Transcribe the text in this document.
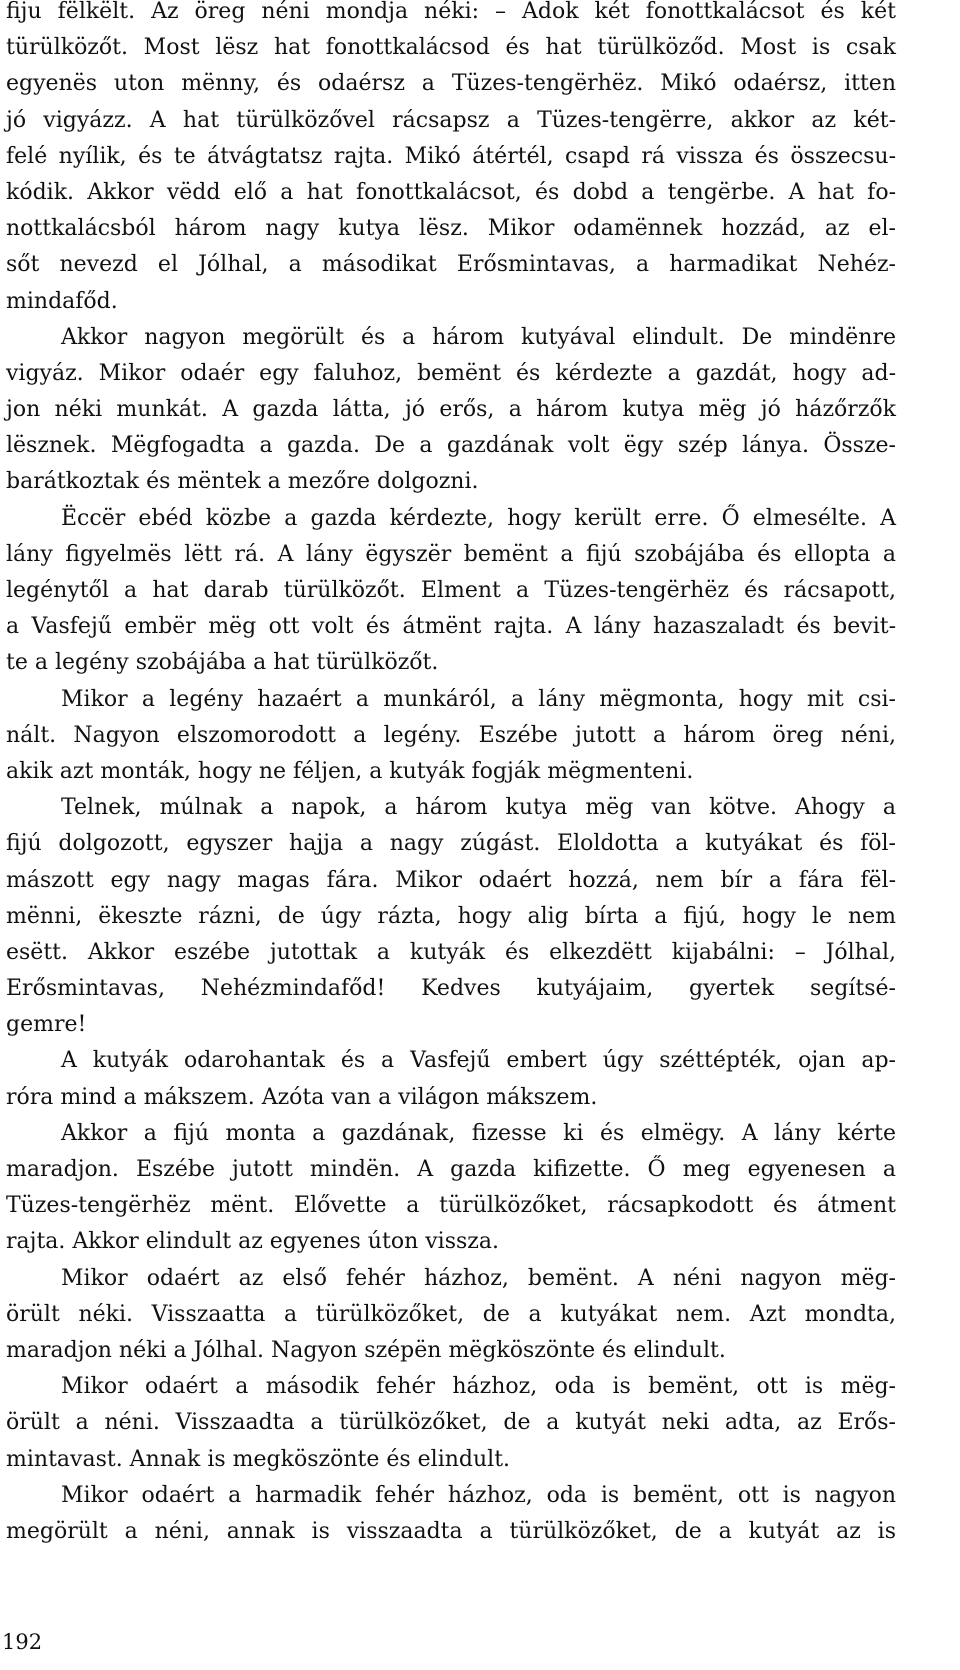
fiju fëlkëlt. Az öreg néni mondja néki: – Adok két fonottkalácsot és két
türülközőt. Most lësz hat fonottkalácsod és hat türülköződ. Most is csak
egyenës uton mënny, és odaérsz a Tüzes-tengërhëz. Mikó odaérsz, itten
jó vigyázz. A hat türülközővel rácsapsz a Tüzes-tengërre, akkor az két-
felé nyílik, és te átvágtatsz rajta. Mikó átértél, csapd rá vissza és összecsu-
kódik. Akkor vëdd elő a hat fonottkalácsot, és dobd a tengërbe. A hat fo-
nottkalácsból három nagy kutya lësz. Mikor odamënnek hozzád, az el-
sőt nevezd el Jólhal, a másodikat Erősmintavas, a harmadikat Nehéz-
mindafőd.
Akkor nagyon megörült és a három kutyával elindult. De mindënre
vigyáz. Mikor odaér egy faluhoz, bemënt és kérdezte a gazdát, hogy ad-
jon néki munkát. A gazda látta, jó erős, a három kutya mëg jó házőrzők
lësznek. Mëgfogadta a gazda. De a gazdának volt ëgy szép lánya. Össze-
barátkoztak és mëntek a mezőre dolgozni.
Ëccër ebéd közbe a gazda kérdezte, hogy került erre. Ő elmesélte. A
lány figyelmës lëtt rá. A lány ëgyszër bemënt a fijú szobájába és ellopta a
legénytől a hat darab türülközőt. Elment a Tüzes-tengërhëz és rácsapott,
a Vasfejű embër mëg ott volt és átmënt rajta. A lány hazaszaladt és bevit-
te a legény szobájába a hat türülközőt.
Mikor a legény hazaért a munkáról, a lány mëgmonta, hogy mit csi-
nált. Nagyon elszomorodott a legény. Eszébe jutott a három öreg néni,
akik azt monták, hogy ne féljen, a kutyák fogják mëgmenteni.
Telnek, múlnak a napok, a három kutya mëg van kötve. Ahogy a
fijú dolgozott, egyszer hajja a nagy zúgást. Eloldotta a kutyákat és föl-
mászott egy nagy magas fára. Mikor odaért hozzá, nem bír a fára fël-
mënni, ëkeszte rázni, de úgy rázta, hogy alig bírta a fijú, hogy le nem
esëtt. Akkor eszébe jutottak a kutyák és elkezdëtt kijabálni: – Jólhal,
Erősmintavas, Nehézmindafőd! Kedves kutyájaim, gyertek segítsé-
gemre!
A kutyák odarohantak és a Vasfejű embert úgy széttépték, ojan ap-
róra mind a mákszem. Azóta van a világon mákszem.
Akkor a fijú monta a gazdának, fizesse ki és elmëgy. A lány kérte
maradjon. Eszébe jutott mindën. A gazda kifizette. Ő meg egyenesen a
Tüzes-tengërhëz mënt. Elővette a türülközőket, rácsapkodott és átment
rajta. Akkor elindult az egyenes úton vissza.
Mikor odaért az első fehér házhoz, bemënt. A néni nagyon mëg-
örült néki. Visszaatta a türülközőket, de a kutyákat nem. Azt mondta,
maradjon néki a Jólhal. Nagyon szépën mëgköszönte és elindult.
Mikor odaért a második fehér házhoz, oda is bemënt, ott is mëg-
örült a néni. Visszaadta a türülközőket, de a kutyát neki adta, az Erős-
mintavast. Annak is megköszönte és elindult.
Mikor odaért a harmadik fehér házhoz, oda is bemënt, ott is nagyon
megörült a néni, annak is visszaadta a türülközőket, de a kutyát az is
192
